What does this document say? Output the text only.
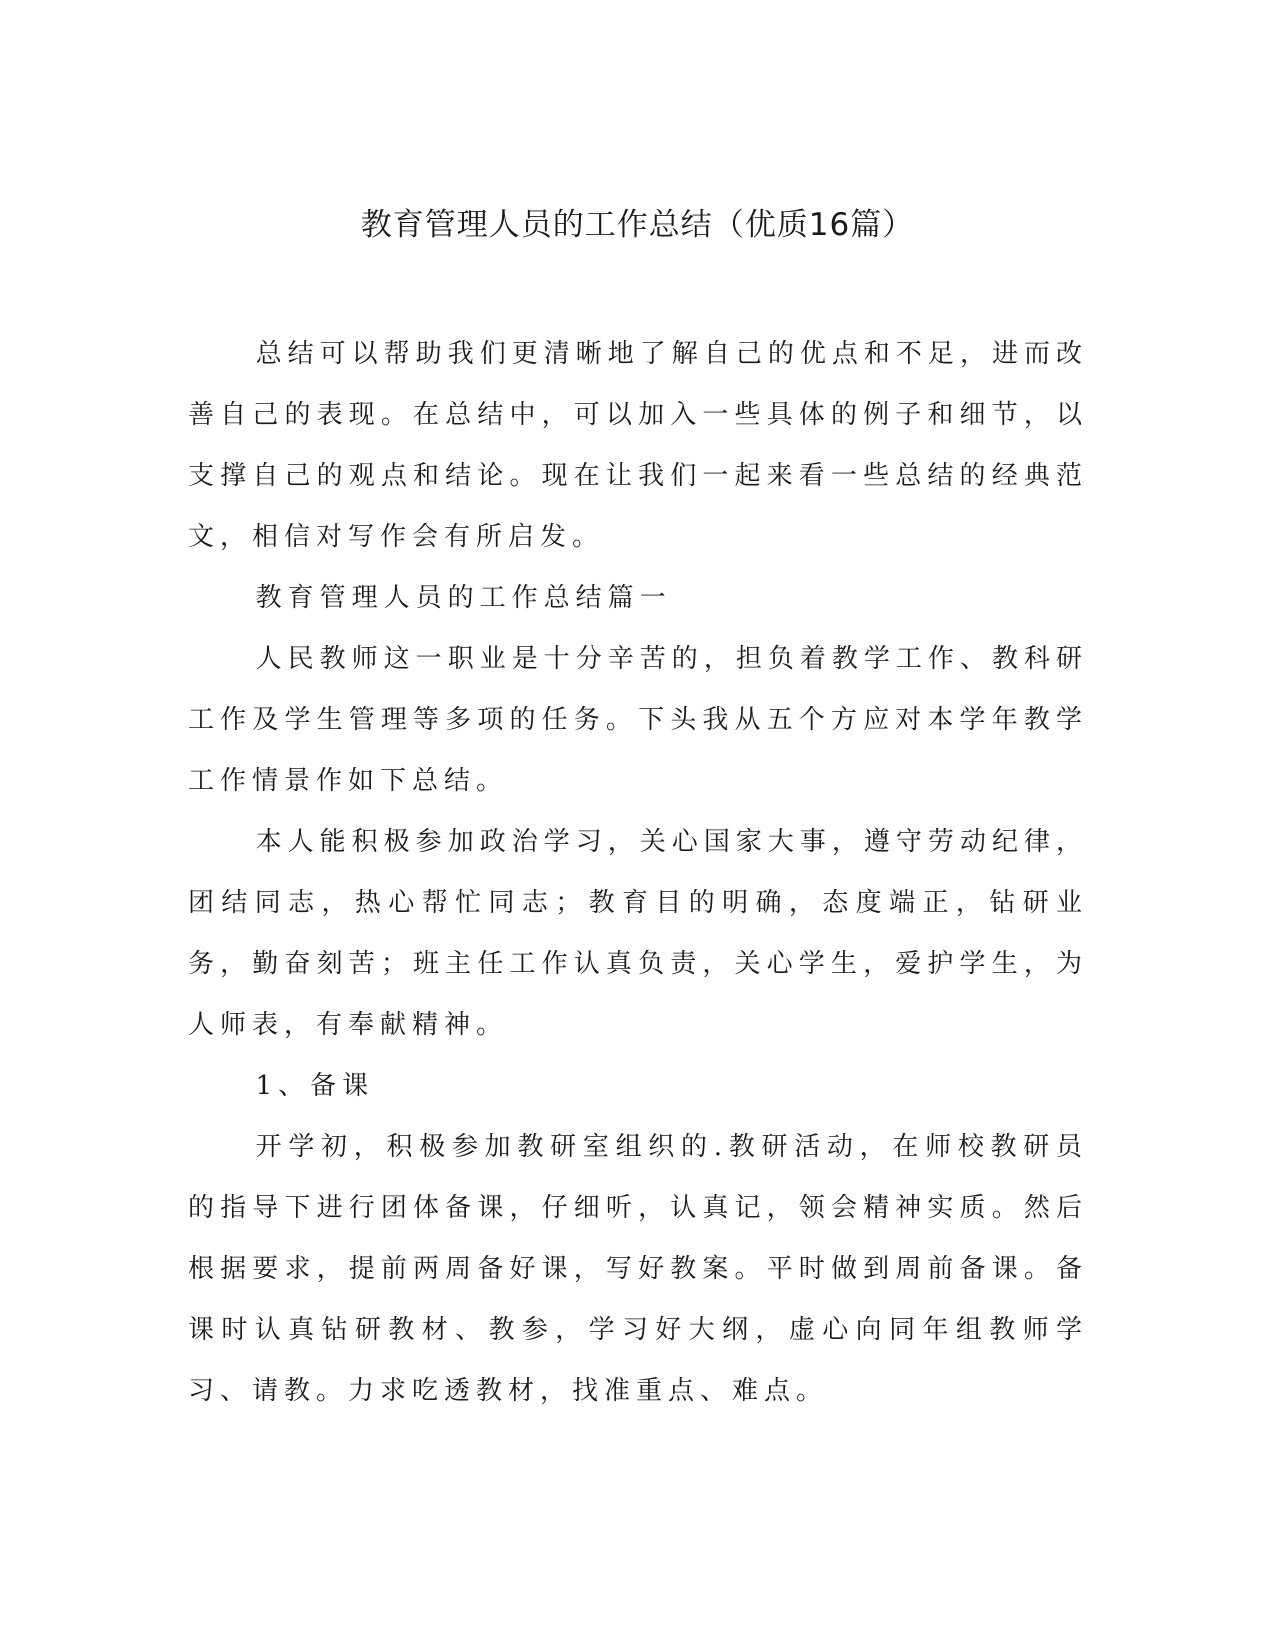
教育管理人员的工作总结（优质16篇）

总结可以帮助我们更清晰地了解自己的优点和不足，进而改善自己的表现。在总结中，可以加入一些具体的例子和细节，以支撑自己的观点和结论。现在让我们一起来看一些总结的经典范文，相信对写作会有所启发。

教育管理人员的工作总结篇一

人民教师这一职业是十分辛苦的，担负着教学工作、教科研工作及学生管理等多项的任务。下头我从五个方应对本学年教学工作情景作如下总结。

本人能积极参加政治学习，关心国家大事，遵守劳动纪律，团结同志，热心帮忙同志；教育目的明确，态度端正，钻研业务，勤奋刻苦；班主任工作认真负责，关心学生，爱护学生，为人师表，有奉献精神。

1、备课

开学初，积极参加教研室组织的.教研活动，在师校教研员的指导下进行团体备课，仔细听，认真记，领会精神实质。然后根据要求，提前两周备好课，写好教案。平时做到周前备课。备课时认真钻研教材、教参，学习好大纲，虚心向同年组教师学习、请教。力求吃透教材，找准重点、难点。
